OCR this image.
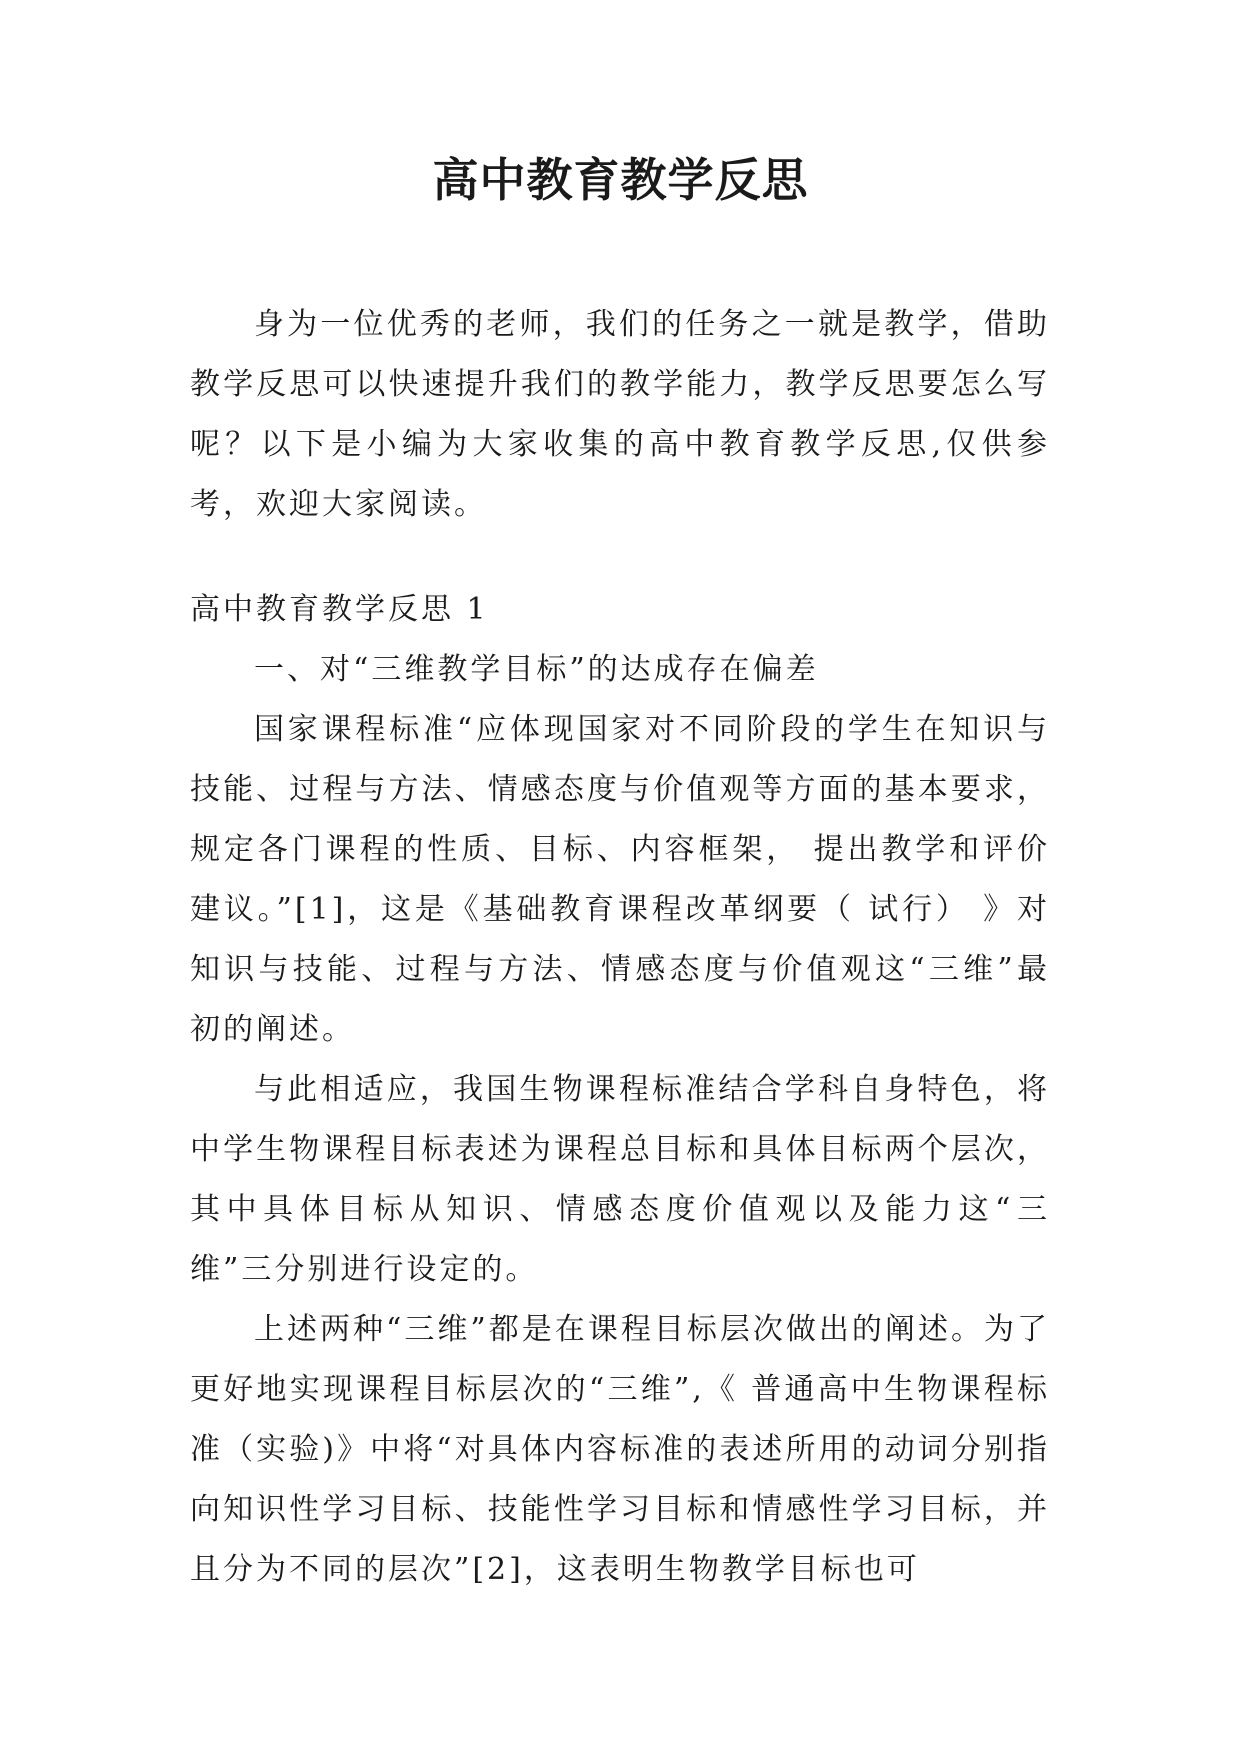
高中教育教学反思

身为一位优秀的老师，我们的任务之一就是教学，借助教学反思可以快速提升我们的教学能力，教学反思要怎么写呢？以下是小编为大家收集的高中教育教学反思,仅供参考，欢迎大家阅读。

高中教育教学反思 1

一、对“三维教学目标”的达成存在偏差

国家课程标准“应体现国家对不同阶段的学生在知识与技能、过程与方法、情感态度与价值观等方面的基本要求，规定各门课程的性质、目标、内容框架， 提出教学和评价建议。”[1]，这是《基础教育课程改革纲要（ 试行） 》对知识与技能、过程与方法、情感态度与价值观这“三维”最初的阐述。

与此相适应，我国生物课程标准结合学科自身特色，将中学生物课程目标表述为课程总目标和具体目标两个层次，其中具体目标从知识、情感态度价值观以及能力这“三维”三分别进行设定的。

上述两种“三维”都是在课程目标层次做出的阐述。为了更好地实现课程目标层次的“三维”,《 普通高中生物课程标准（实验)》中将“对具体内容标准的表述所用的动词分别指向知识性学习目标、技能性学习目标和情感性学习目标，并且分为不同的层次”[2]，这表明生物教学目标也可
